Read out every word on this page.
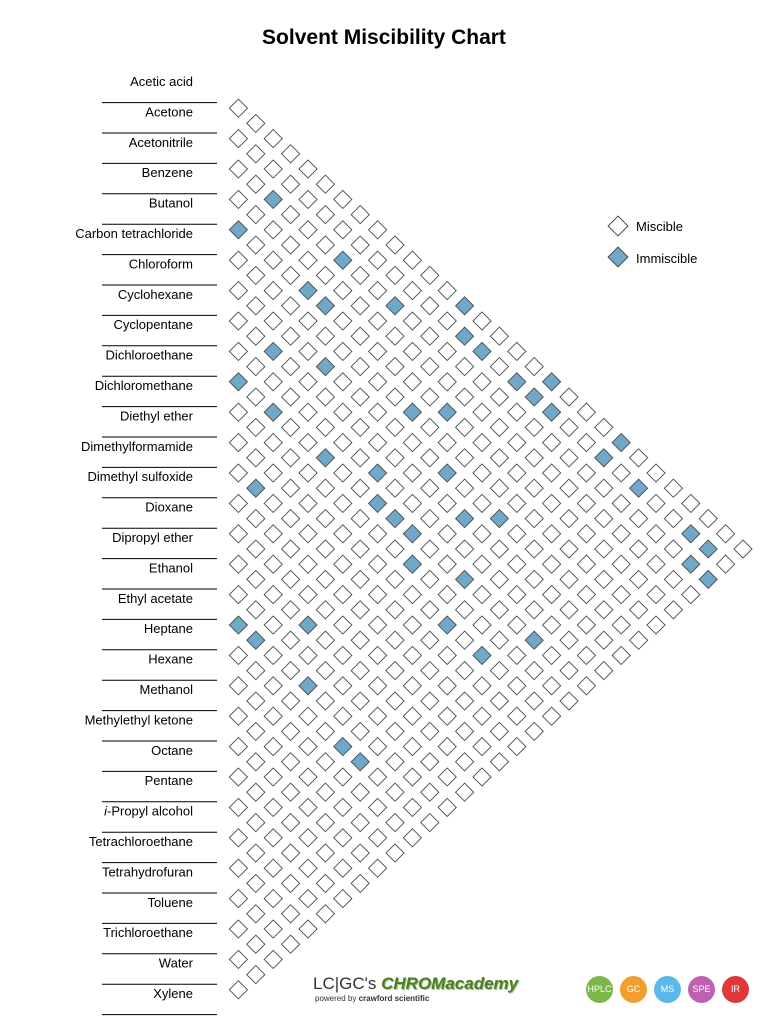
Solvent Miscibility Chart
Acetic acid
Acetone
Acetonitrile
Benzene
Butanol
Carbon tetrachloride
Chloroform
Cyclohexane
Cyclopentane
Dichloroethane
Dichloromethane
Diethyl ether
Dimethylformamide
Dimethyl sulfoxide
Dioxane
Dipropyl ether
Ethanol
Ethyl acetate
Heptane
Hexane
Methanol
Methylethyl ketone
Octane
Pentane
i-Propyl alcohol
Tetrachloroethane
Tetrahydrofuran
Toluene
Trichloroethane
Water
Xylene
Miscible
Immiscible
LC|GC's CHROMacademy
powered by crawford scientific
HPLC	GC	MS	SPE	IR
